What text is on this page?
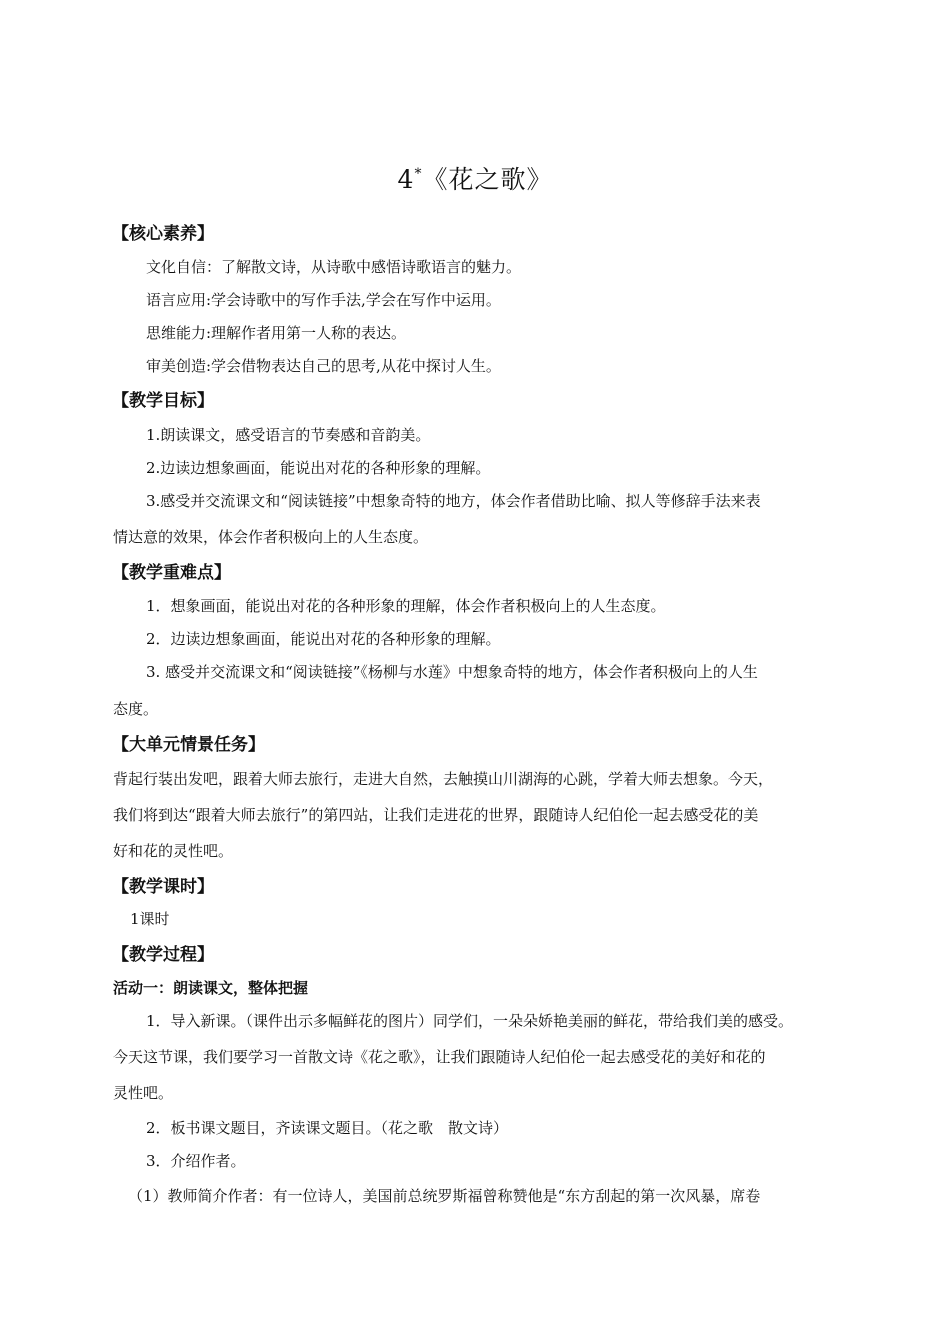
4*《花之歌》
【核心素养】
文化自信：了解散文诗，从诗歌中感悟诗歌语言的魅力。
语言应用:学会诗歌中的写作手法,学会在写作中运用。
思维能力:理解作者用第一人称的表达。
审美创造:学会借物表达自己的思考,从花中探讨人生。
【教学目标】
1.朗读课文，感受语言的节奏感和音韵美。
2.边读边想象画面，能说出对花的各种形象的理解。
3.感受并交流课文和“阅读链接”中想象奇特的地方，体会作者借助比喻、拟人等修辞手法来表
情达意的效果，体会作者积极向上的人生态度。
【教学重难点】
1．想象画面，能说出对花的各种形象的理解，体会作者积极向上的人生态度。
2．边读边想象画面，能说出对花的各种形象的理解。
3. 感受并交流课文和“阅读链接”《杨柳与水莲》中想象奇特的地方，体会作者积极向上的人生
态度。
【大单元情景任务】
背起行装出发吧，跟着大师去旅行，走进大自然，去触摸山川湖海的心跳，学着大师去想象。今天，
我们将到达“跟着大师去旅行”的第四站，让我们走进花的世界，跟随诗人纪伯伦一起去感受花的美
好和花的灵性吧。
【教学课时】
1课时
【教学过程】
活动一：朗读课文，整体把握
1．导入新课。（课件出示多幅鲜花的图片）同学们，一朵朵娇艳美丽的鲜花，带给我们美的感受。
今天这节课，我们要学习一首散文诗《花之歌》，让我们跟随诗人纪伯伦一起去感受花的美好和花的
灵性吧。
2．板书课文题目，齐读课文题目。（花之歌　散文诗）
3．介绍作者。
（1）教师简介作者：有一位诗人，美国前总统罗斯福曾称赞他是“东方刮起的第一次风暴，席卷
